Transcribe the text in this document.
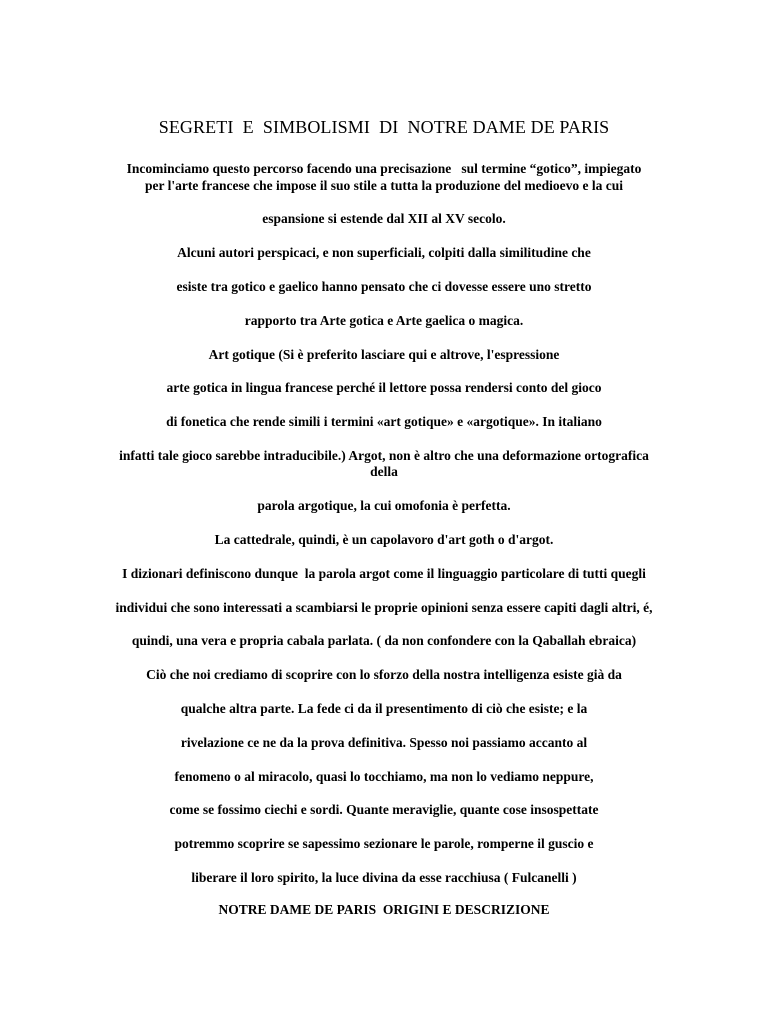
SEGRETI  E  SIMBOLISMI  DI  NOTRE DAME DE PARIS
Incominciamo questo percorso facendo una precisazione   sul termine “gotico”, impiegato
per l'arte francese che impose il suo stile a tutta la produzione del medioevo e la cui
espansione si estende dal XII al XV secolo.
Alcuni autori perspicaci, e non superficiali, colpiti dalla similitudine che
esiste tra gotico e gaelico hanno pensato che ci dovesse essere uno stretto
rapporto tra Arte gotica e Arte gaelica o magica.
Art gotique (Si è preferito lasciare qui e altrove, l'espressione
arte gotica in lingua francese perché il lettore possa rendersi conto del gioco
di fonetica che rende simili i termini «art gotique» e «argotique». In italiano
infatti tale gioco sarebbe intraducibile.) Argot, non è altro che una deformazione ortografica
della
parola argotique, la cui omofonia è perfetta.
La cattedrale, quindi, è un capolavoro d'art goth o d'argot.
I dizionari definiscono dunque  la parola argot come il linguaggio particolare di tutti quegli
individui che sono interessati a scambiarsi le proprie opinioni senza essere capiti dagli altri, é,
quindi, una vera e propria cabala parlata. ( da non confondere con la Qaballah ebraica)
Ciò che noi crediamo di scoprire con lo sforzo della nostra intelligenza esiste già da
qualche altra parte. La fede ci da il presentimento di ciò che esiste; e la
rivelazione ce ne da la prova definitiva. Spesso noi passiamo accanto al
fenomeno o al miracolo, quasi lo tocchiamo, ma non lo vediamo neppure,
come se fossimo ciechi e sordi. Quante meraviglie, quante cose insospettate
potremmo scoprire se sapessimo sezionare le parole, romperne il guscio e
liberare il loro spirito, la luce divina da esse racchiusa ( Fulcanelli )
NOTRE DAME DE PARIS  ORIGINI E DESCRIZIONE
